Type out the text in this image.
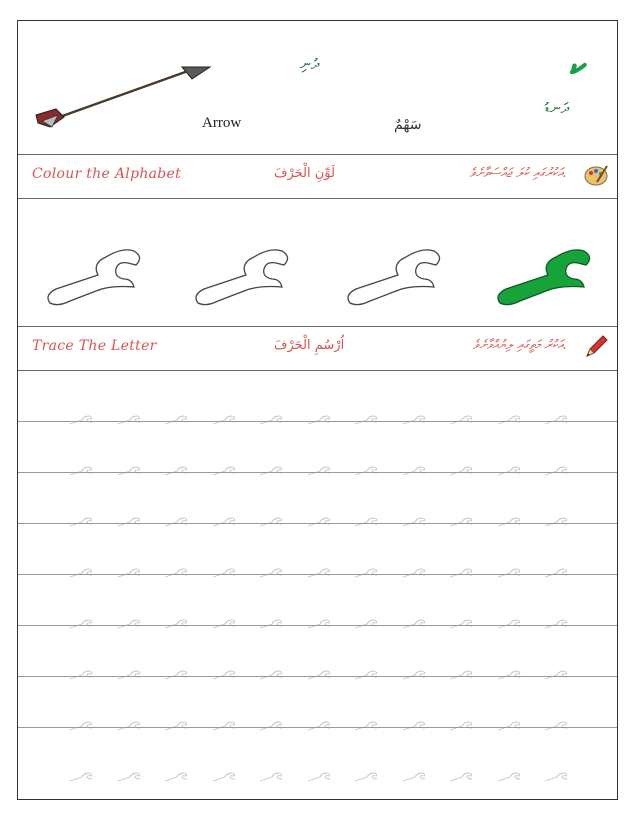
ދުނި	ކ
ދަނޑު
Arrow	سَهْمٌ
Colour the Alphabet	لَوِّنِ الْحَرْفَ	އަކުރުގައި ކުލަ ޖައްސަވާށެވެ.
Trace The Letter	اُرْسُمِ الْحَرْفَ	އަކުރު މަތީގައި ލިޔުއްވާށެވެ.
